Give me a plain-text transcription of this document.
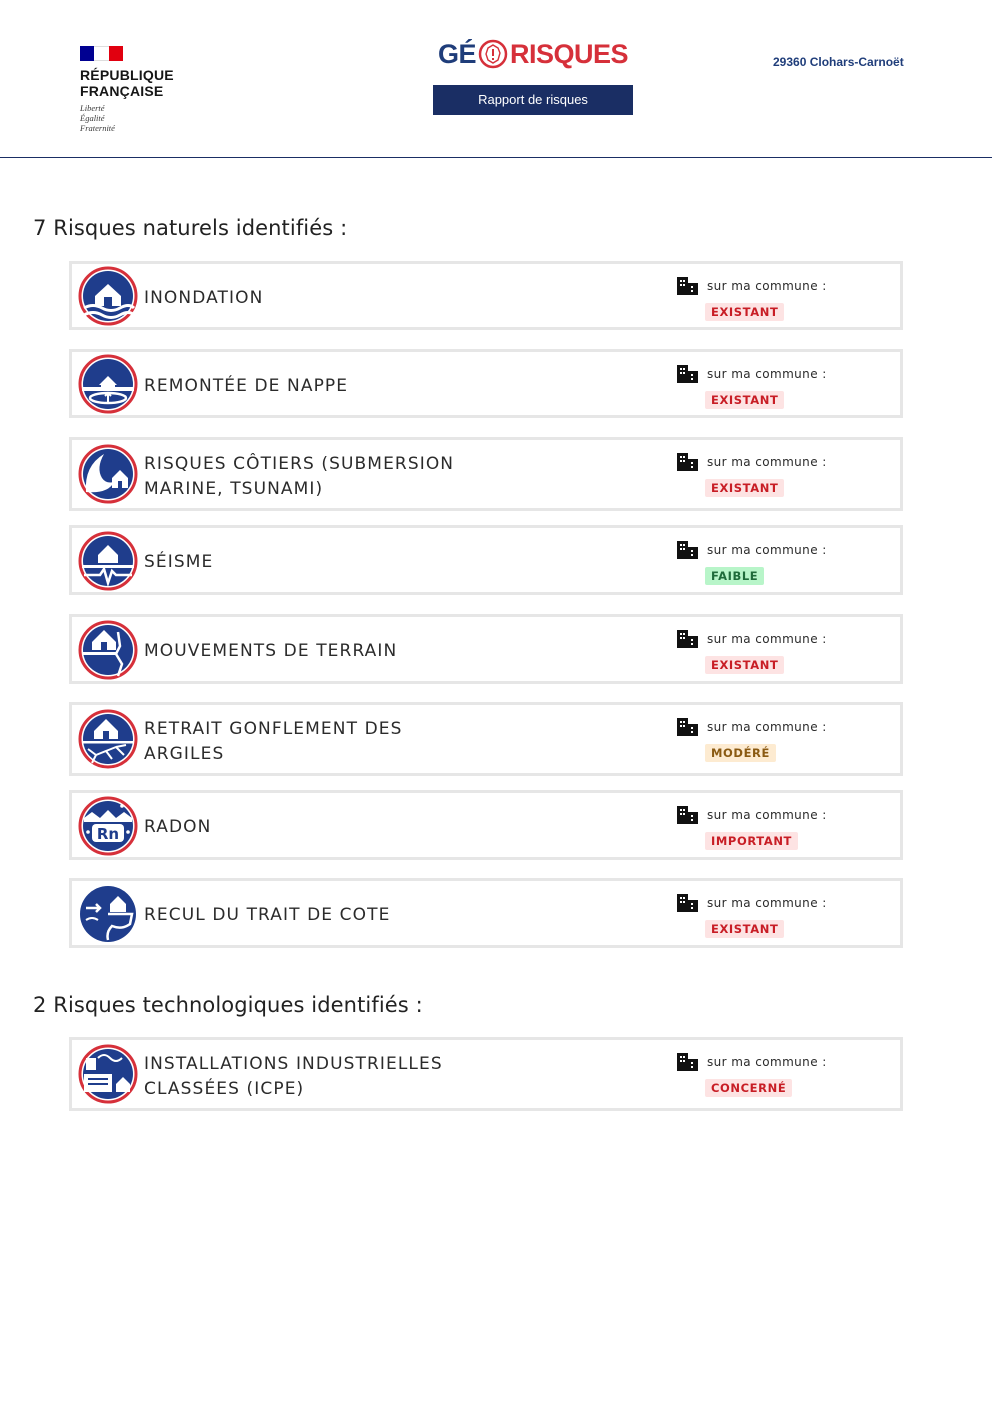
RÉPUBLIQUE
FRANÇAISE
Liberté
Égalité
Fraternité
GÉ RISQUES
Rapport de risques
29360 Clohars-Carnoët
7 Risques naturels identifiés :
INONDATION
sur ma commune :
EXISTANT
REMONTÉE DE NAPPE
sur ma commune :
EXISTANT
RISQUES CÔTIERS (SUBMERSION
MARINE, TSUNAMI)
sur ma commune :
EXISTANT
SÉISME
sur ma commune :
FAIBLE
MOUVEMENTS DE TERRAIN
sur ma commune :
EXISTANT
RETRAIT GONFLEMENT DES
ARGILES
sur ma commune :
MODÉRÉ
Rn RADON
sur ma commune :
IMPORTANT
RECUL DU TRAIT DE COTE
sur ma commune :
EXISTANT
2 Risques technologiques identifiés :
INSTALLATIONS INDUSTRIELLES
CLASSÉES (ICPE)
sur ma commune :
CONCERNÉ
